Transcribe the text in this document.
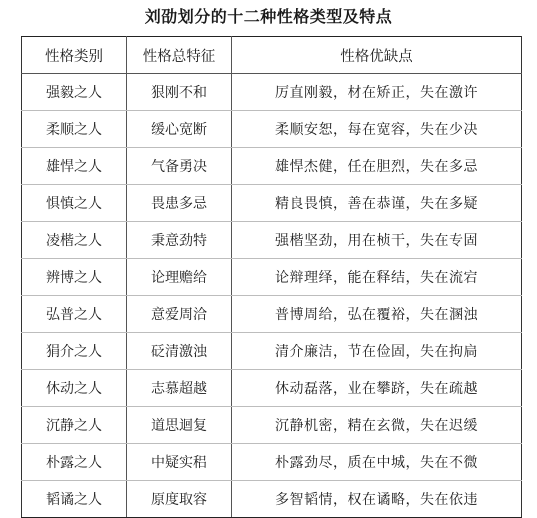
刘劭划分的十二种性格类型及特点
性格类别	性格总特征	性格优缺点
强毅之人	狠刚不和	厉直刚毅，材在矫正，失在激许
柔顺之人	缓心宽断	柔顺安恕，每在宽容，失在少决
雄悍之人	气备勇决	雄悍杰健，任在胆烈，失在多忌
惧慎之人	畏患多忌	精良畏慎，善在恭谨，失在多疑
凌楷之人	秉意劲特	强楷坚劲，用在桢干，失在专固
辨博之人	论理赡给	论辩理绎，能在释结，失在流宕
弘普之人	意爱周洽	普博周给，弘在覆裕，失在溷浊
狷介之人	砭清激浊	清介廉洁，节在俭固，失在拘扃
休动之人	志慕超越	休动磊落，业在攀跻，失在疏越
沉静之人	道思迴复	沉静机密，精在玄微，失在迟缓
朴露之人	中疑实稆	朴露劲尽，质在中城，失在不微
韬谲之人	原度取容	多智韬情，权在谲略，失在依违
